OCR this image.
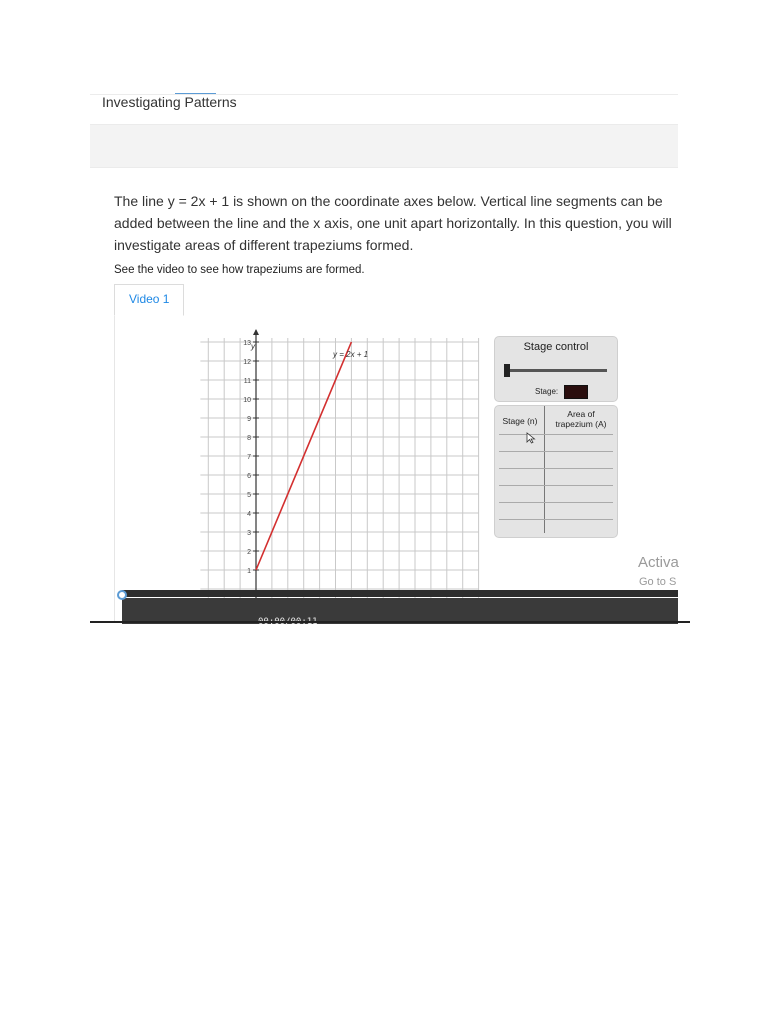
Investigating Patterns
The line y = 2x + 1 is shown on the coordinate axes below. Vertical line segments can be added between the line and the x axis, one unit apart horizontally. In this question, you will investigate areas of different trapeziums formed.
See the video to see how trapeziums are formed.
Video 1
1
2
3
4
5
6
7
8
9
10
11
12
13
y = 2x + 1
y	Stage control
Stage:
Stage (n)
Area of
trapezium (A)
Activa
Go to S
